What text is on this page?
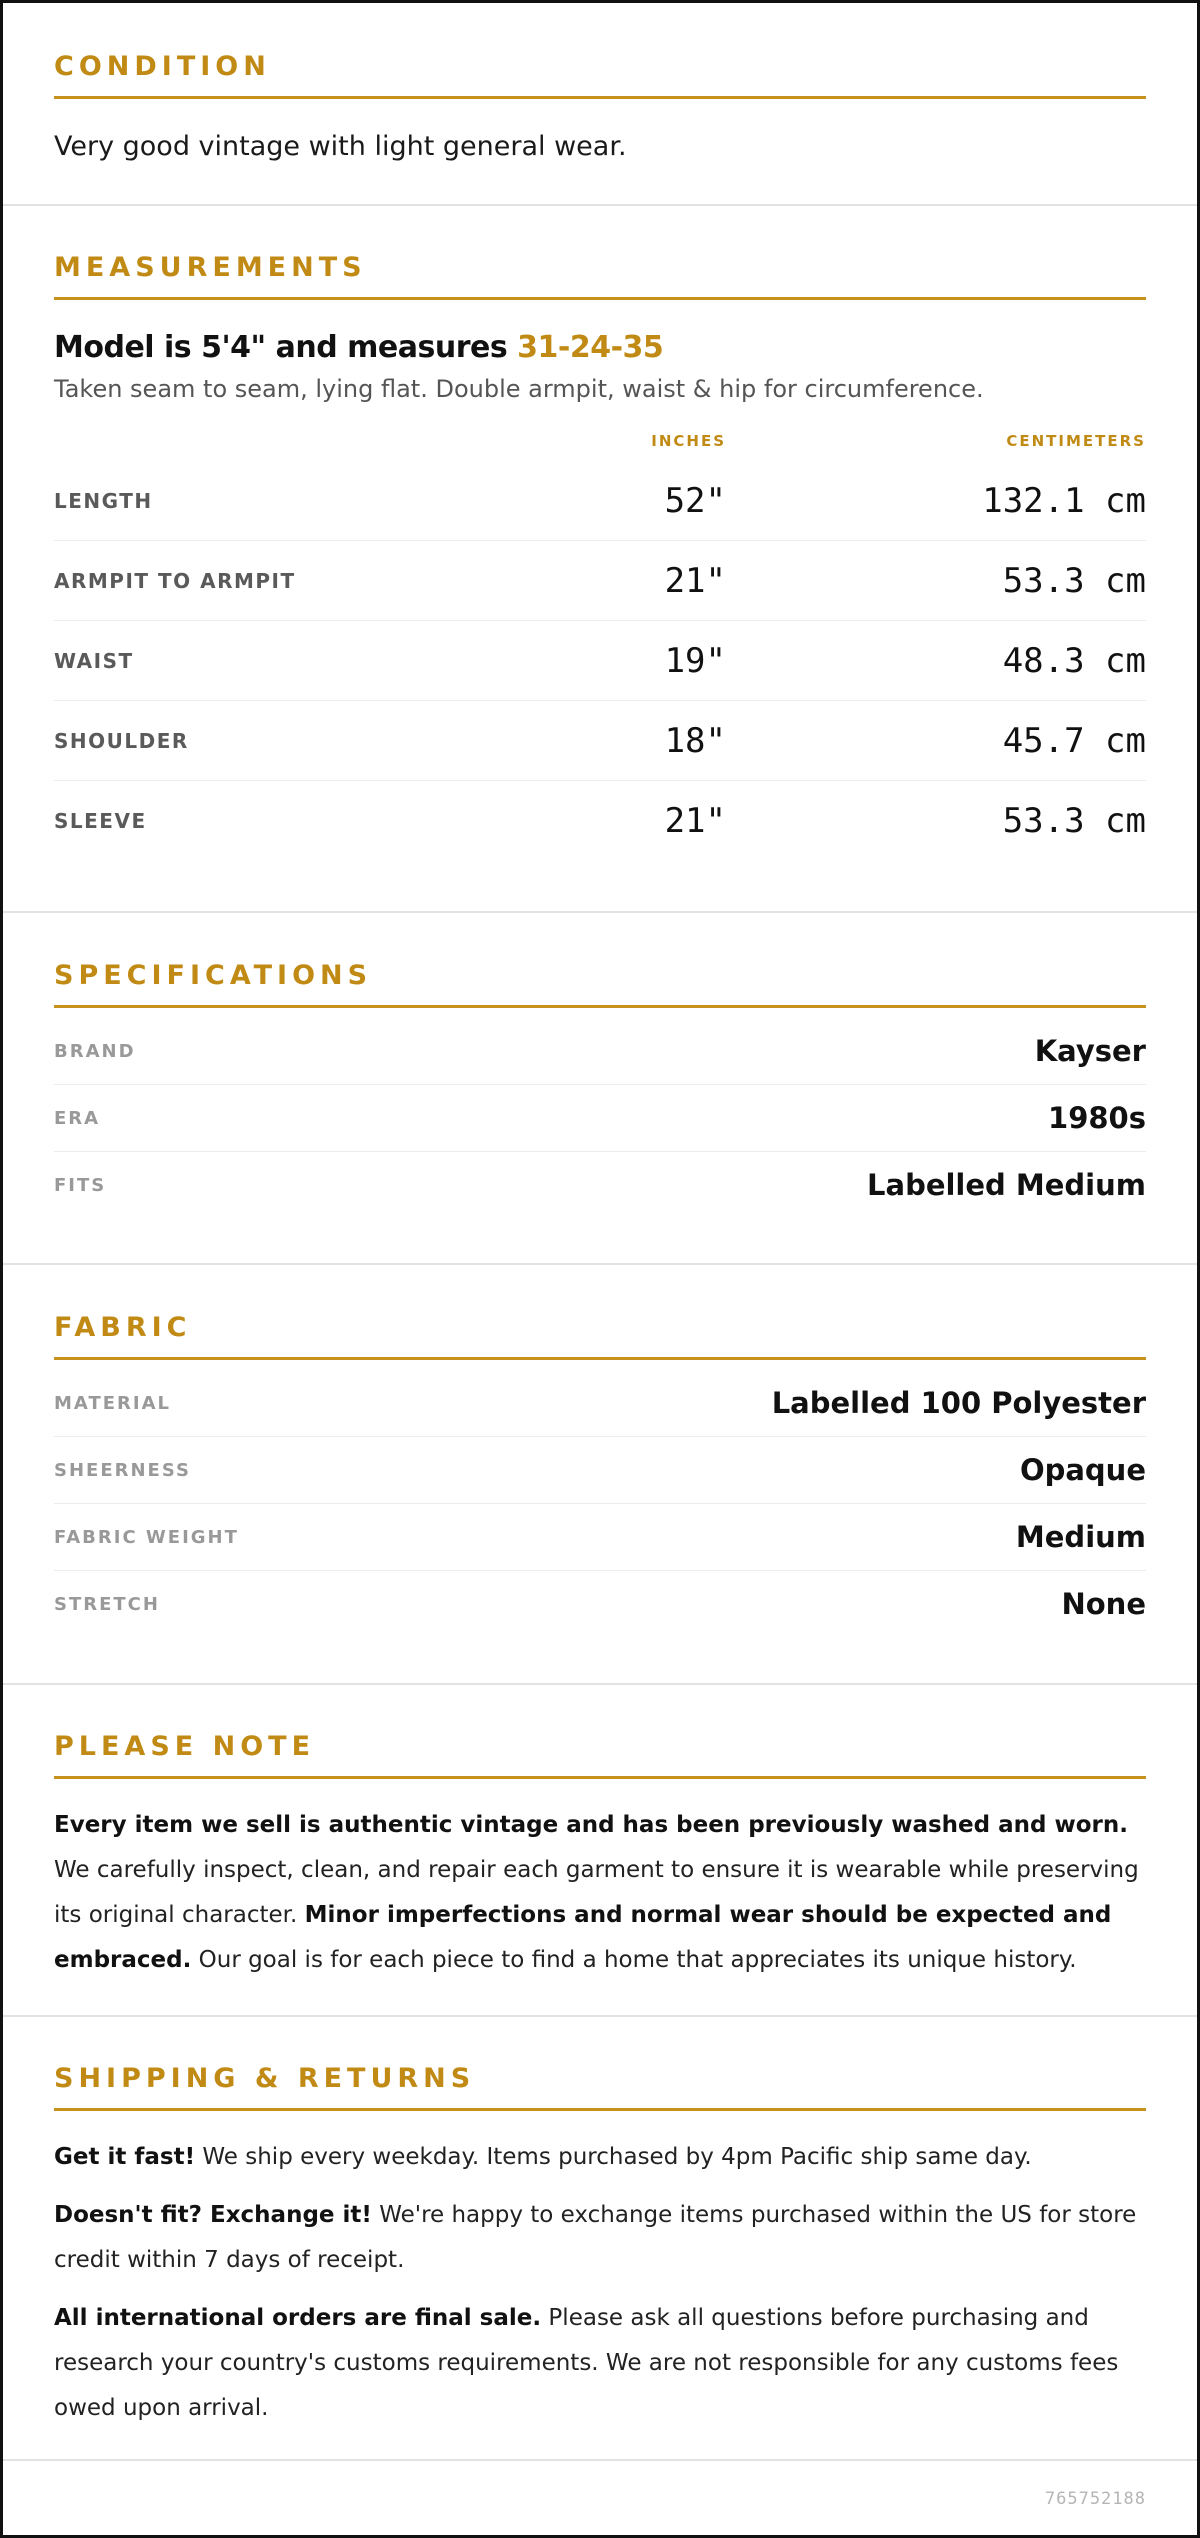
CONDITION
Very good vintage with light general wear.
MEASUREMENTS
Model is 5'4" and measures 31-24-35
Taken seam to seam, lying flat. Double armpit, waist & hip for circumference.
INCHES	CENTIMETERS
LENGTH	52"	132.1 cm
ARMPIT TO ARMPIT	21"	53.3 cm
WAIST	19"	48.3 cm
SHOULDER	18"	45.7 cm
SLEEVE	21"	53.3 cm
SPECIFICATIONS
BRAND	Kayser
ERA	1980s
FITS	Labelled Medium
FABRIC
MATERIAL	Labelled 100 Polyester
SHEERNESS	Opaque
FABRIC WEIGHT	Medium
STRETCH	None
PLEASE NOTE
Every item we sell is authentic vintage and has been previously washed and worn. We carefully inspect, clean, and repair each garment to ensure it is wearable while preserving its original character. Minor imperfections and normal wear should be expected and embraced. Our goal is for each piece to find a home that appreciates its unique history.
SHIPPING & RETURNS
Get it fast! We ship every weekday. Items purchased by 4pm Pacific ship same day.
Doesn't fit? Exchange it! We're happy to exchange items purchased within the US for store credit within 7 days of receipt.
All international orders are final sale. Please ask all questions before purchasing and research your country's customs requirements. We are not responsible for any customs fees owed upon arrival.
765752188
